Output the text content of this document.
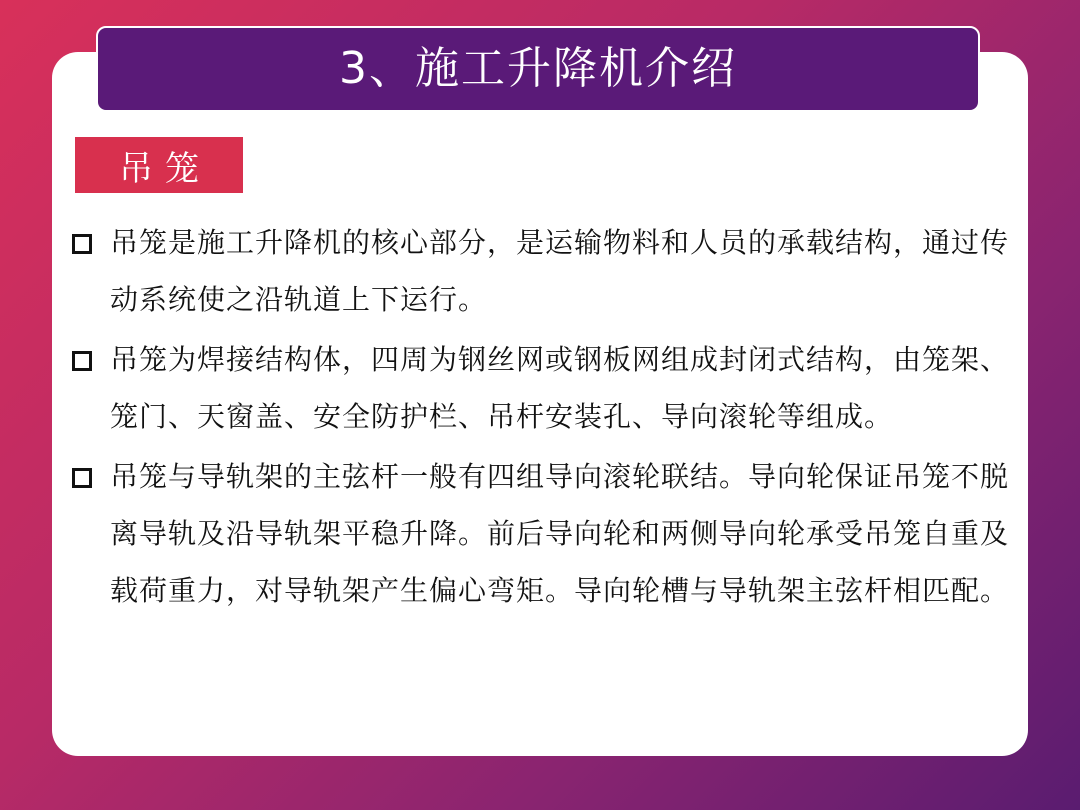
3、施工升降机介绍
吊笼
吊笼是施工升降机的核心部分，是运输物料和人员的承载结构，通过传动系统使之沿轨道上下运行。
吊笼为焊接结构体，四周为钢丝网或钢板网组成封闭式结构，由笼架、笼门、天窗盖、安全防护栏、吊杆安装孔、导向滚轮等组成。
吊笼与导轨架的主弦杆一般有四组导向滚轮联结。导向轮保证吊笼不脱离导轨及沿导轨架平稳升降。前后导向轮和两侧导向轮承受吊笼自重及载荷重力，对导轨架产生偏心弯矩。导向轮槽与导轨架主弦杆相匹配。
